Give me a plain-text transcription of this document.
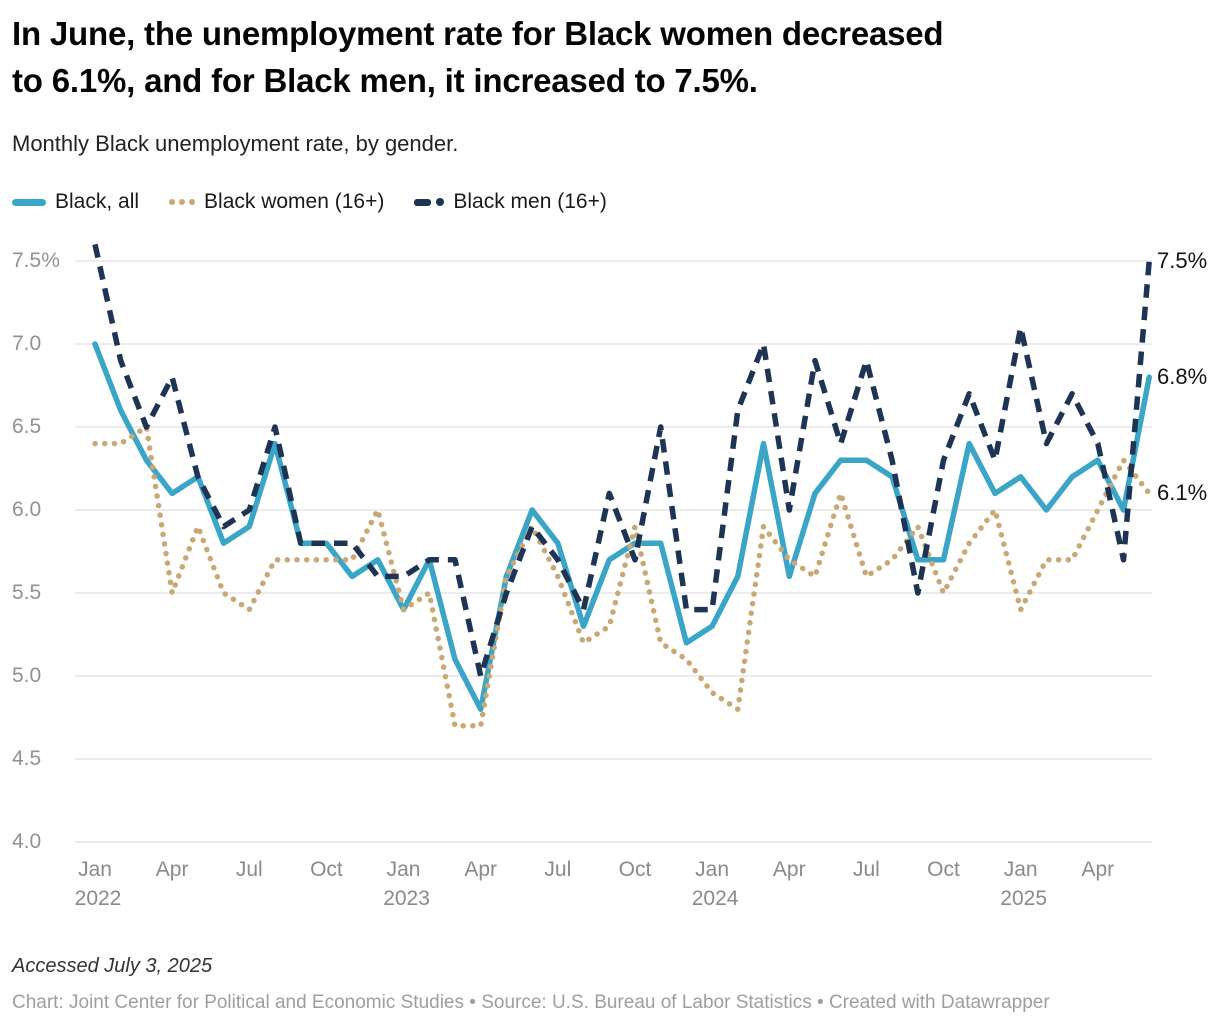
In June, the unemployment rate for Black women decreased
to 6.1%, and for Black men, it increased to 7.5%.
Monthly Black unemployment rate, by gender.
Black, all	Black women (16+)	Black men (16+)
7.5%
7.0
6.5
6.0
5.5
5.0
4.5
4.0
Jan
2022
Apr Jul Oct Jan
2023
Apr Jul Oct Jan
2024
Apr Jul Oct Jan
2025
Apr
6.8%
6.1%
7.5%
Accessed July 3, 2025
Chart: Joint Center for Political and Economic Studies • Source: U.S. Bureau of Labor Statistics • Created with Datawrapper
